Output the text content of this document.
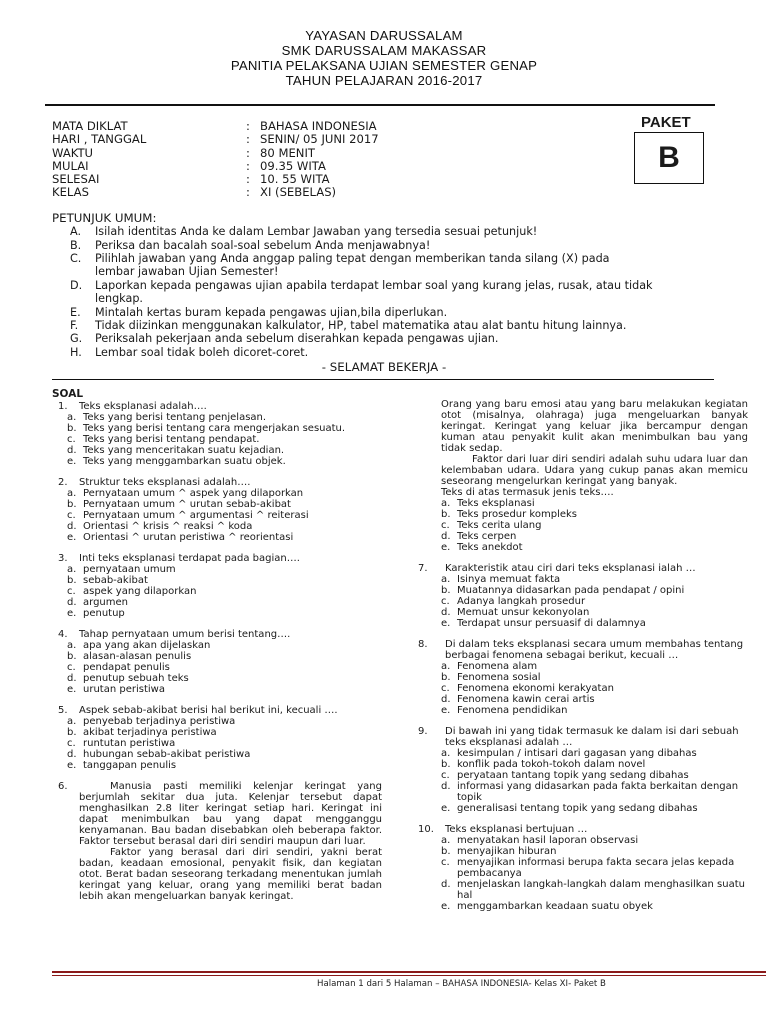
YAYASAN DARUSSALAM
SMK DARUSSALAM MAKASSAR
PANITIA PELAKSANA UJIAN SEMESTER GENAP
TAHUN PELAJARAN 2016-2017
MATA DIKLAT	: BAHASA INDONESIA
HARI , TANGGAL	: SENIN/ 05 JUNI 2017
WAKTU	: 80 MENIT
MULAI	: 09.35 WITA
SELESAI	: 10. 55 WITA
KELAS	: XI (SEBELAS)
PAKET
B
PETUNJUK UMUM:
A. Isilah identitas Anda ke dalam Lembar Jawaban yang tersedia sesuai petunjuk!
B. Periksa dan bacalah soal-soal sebelum Anda menjawabnya!
C. Pilihlah jawaban yang Anda anggap paling tepat dengan memberikan tanda silang (X) pada
lembar jawaban Ujian Semester!
D. Laporkan kepada pengawas ujian apabila terdapat lembar soal yang kurang jelas, rusak, atau tidak
lengkap.
E. Mintalah kertas buram kepada pengawas ujian,bila diperlukan.
F. Tidak diizinkan menggunakan kalkulator, HP, tabel matematika atau alat bantu hitung lainnya.
G. Periksalah pekerjaan anda sebelum diserahkan kepada pengawas ujian.
H. Lembar soal tidak boleh dicoret-coret.
- SELAMAT BEKERJA -
SOAL
1.	Teks eksplanasi adalah….
a. Teks yang berisi tentang penjelasan.
b. Teks yang berisi tentang cara mengerjakan sesuatu.
c. Teks yang berisi tentang pendapat.
d. Teks yang menceritakan suatu kejadian.
e. Teks yang menggambarkan suatu objek.
2.	Struktur teks eksplanasi adalah….
a. Pernyataan umum ^ aspek yang dilaporkan
b. Pernyataan umum ^ urutan sebab-akibat
c. Pernyataan umum ^ argumentasi ^ reiterasi
d. Orientasi ^ krisis ^ reaksi ^ koda
e. Orientasi ^ urutan peristiwa ^ reorientasi
3.	Inti teks eksplanasi terdapat pada bagian….
a. pernyataan umum
b. sebab-akibat
c. aspek yang dilaporkan
d. argumen
e. penutup
4.	Tahap pernyataan umum berisi tentang….
a. apa yang akan dijelaskan
b. alasan-alasan penulis
c. pendapat penulis
d. penutup sebuah teks
e. urutan peristiwa
5.	Aspek sebab-akibat berisi hal berikut ini, kecuali ….
a. penyebab terjadinya peristiwa
b. akibat terjadinya peristiwa
c. runtutan peristiwa
d. hubungan sebab-akibat peristiwa
e. tanggapan penulis
6.	Manusia pasti memiliki kelenjar keringat yang berjumlah sekitar dua juta. Kelenjar tersebut dapat menghasilkan 2.8 liter keringat setiap hari. Keringat ini dapat menimbulkan bau yang dapat mengganggu kenyamanan. Bau badan disebabkan oleh beberapa faktor. Faktor tersebut berasal dari diri sendiri maupun dari luar.
Faktor yang berasal dari diri sendiri, yakni berat badan, keadaan emosional, penyakit fisik, dan kegiatan otot. Berat badan seseorang terkadang menentukan jumlah keringat yang keluar, orang yang memiliki berat badan lebih akan mengeluarkan banyak keringat.
Orang yang baru emosi atau yang baru melakukan kegiatan otot (misalnya, olahraga) juga mengeluarkan banyak keringat. Keringat yang keluar jika bercampur dengan kuman atau penyakit kulit akan menimbulkan bau yang tidak sedap.
Faktor dari luar diri sendiri adalah suhu udara luar dan kelembaban udara. Udara yang cukup panas akan memicu seseorang mengelurkan keringat yang banyak.
Teks di atas termasuk jenis teks….
a. Teks eksplanasi
b. Teks prosedur kompleks
c. Teks cerita ulang
d. Teks cerpen
e. Teks anekdot
7.	Karakteristik atau ciri dari teks eksplanasi ialah …
a. Isinya memuat fakta
b. Muatannya didasarkan pada pendapat / opini
c. Adanya langkah prosedur
d. Memuat unsur kekonyolan
e. Terdapat unsur persuasif di dalamnya
8.	Di dalam teks eksplanasi secara umum membahas tentang berbagai fenomena sebagai berikut, kecuali …
a. Fenomena alam
b. Fenomena sosial
c. Fenomena ekonomi kerakyatan
d. Fenomena kawin cerai artis
e. Fenomena pendidikan
9.	Di bawah ini yang tidak termasuk ke dalam isi dari sebuah teks eksplanasi adalah …
a. kesimpulan / intisari dari gagasan yang dibahas
b. konflik pada tokoh-tokoh dalam novel
c. peryataan tantang topik yang sedang dibahas
d. informasi yang didasarkan pada fakta berkaitan dengan topik
e. generalisasi tentang topik yang sedang dibahas
10.	Teks eksplanasi bertujuan …
a. menyatakan hasil laporan observasi
b. menyajikan hiburan
c. menyajikan informasi berupa fakta secara jelas kepada pembacanya
d. menjelaskan langkah-langkah dalam menghasilkan suatu hal
e. menggambarkan keadaan suatu obyek
Halaman 1 dari 5 Halaman – BAHASA INDONESIA- Kelas XI- Paket B
